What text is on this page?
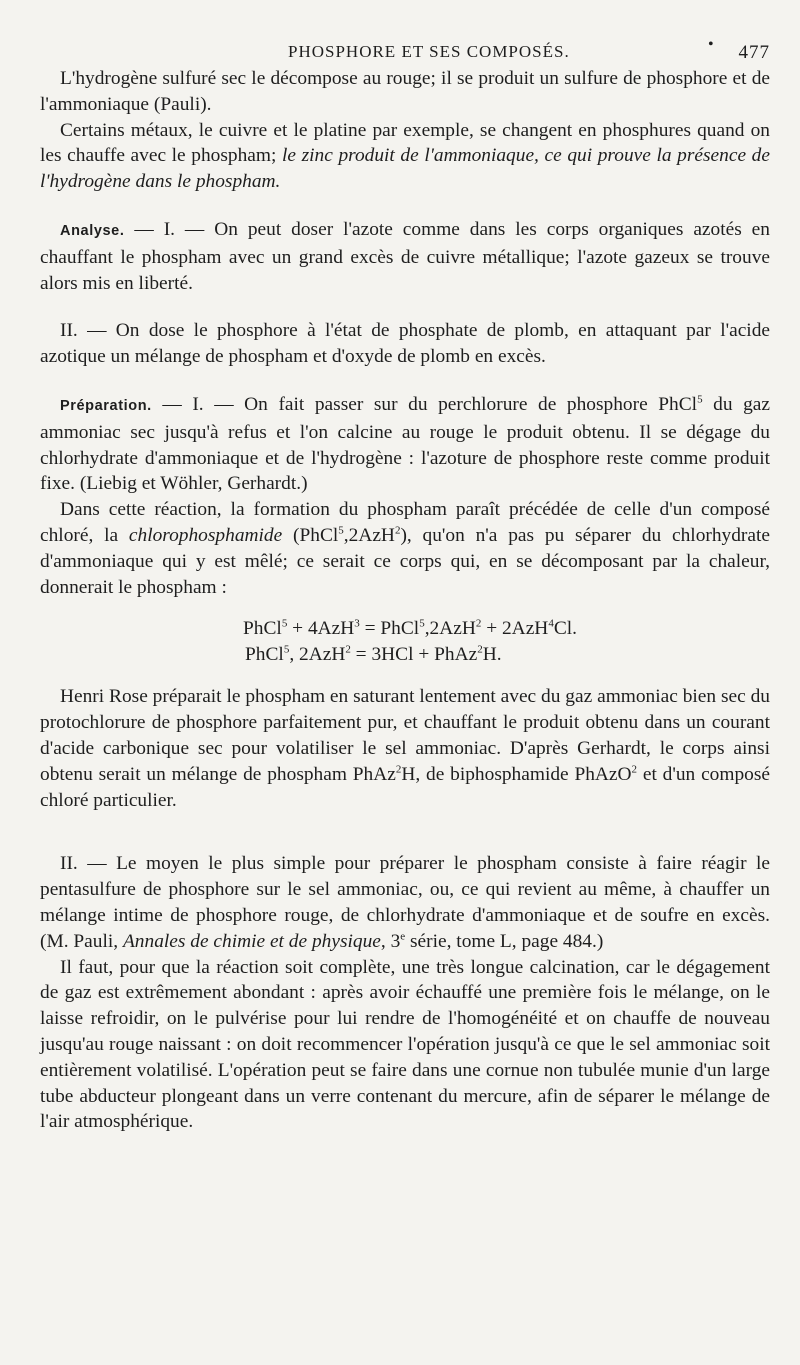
PHOSPHORE ET SES COMPOSÉS.	• 477

L'hydrogène sulfuré sec le décompose au rouge; il se produit un sulfure de phosphore et de l'ammoniaque (Pauli).

Certains métaux, le cuivre et le platine par exemple, se changent en phosphures quand on les chauffe avec le phospham; le zinc produit de l'ammoniaque, ce qui prouve la présence de l'hydrogène dans le phospham.

Analyse. — I. — On peut doser l'azote comme dans les corps organiques azotés en chauffant le phospham avec un grand excès de cuivre métallique; l'azote gazeux se trouve alors mis en liberté.

II. — On dose le phosphore à l'état de phosphate de plomb, en attaquant par l'acide azotique un mélange de phospham et d'oxyde de plomb en excès.

Préparation. — I. — On fait passer sur du perchlorure de phosphore PhCl$^5$ du gaz ammoniac sec jusqu'à refus et l'on calcine au rouge le produit obtenu. Il se dégage du chlorhydrate d'ammoniaque et de l'hydrogène : l'azoture de phosphore reste comme produit fixe. (Liebig et Wöhler, Gerhardt.)

Dans cette réaction, la formation du phospham paraît précédée de celle d'un composé chloré, la chlorophosphamide (PhCl$^5$,2AzH$^2$), qu'on n'a pas pu séparer du chlorhydrate d'ammoniaque qui y est mêlé; ce serait ce corps qui, en se décomposant par la chaleur, donnerait le phospham :

PhCl$^5$ + 4AzH$^3$ = PhCl$^5$,2AzH$^2$ + 2AzH$^4$Cl.
PhCl$^5$, 2AzH$^2$ = 3HCl + PhAz$^2$H.

Henri Rose préparait le phospham en saturant lentement avec du gaz ammoniac bien sec du protochlorure de phosphore parfaitement pur, et chauffant le produit obtenu dans un courant d'acide carbonique sec pour volatiliser le sel ammoniac. D'après Gerhardt, le corps ainsi obtenu serait un mélange de phospham PhAz$^2$H, de biphosphamide PhAzO$^2$ et d'un composé chloré particulier.

II. — Le moyen le plus simple pour préparer le phospham consiste à faire réagir le pentasulfure de phosphore sur le sel ammoniac, ou, ce qui revient au même, à chauffer un mélange intime de phosphore rouge, de chlorhydrate d'ammoniaque et de soufre en excès. (M. Pauli, Annales de chimie et de physique, 3e série, tome L, page 484.)

Il faut, pour que la réaction soit complète, une très longue calcination, car le dégagement de gaz est extrêmement abondant : après avoir échauffé une première fois le mélange, on le laisse refroidir, on le pulvérise pour lui rendre de l'homogénéité et on chauffe de nouveau jusqu'au rouge naissant : on doit recommencer l'opération jusqu'à ce que le sel ammoniac soit entièrement volatilisé. L'opération peut se faire dans une cornue non tubulée munie d'un large tube abducteur plongeant dans un verre contenant du mercure, afin de séparer le mélange de l'air atmosphérique.
